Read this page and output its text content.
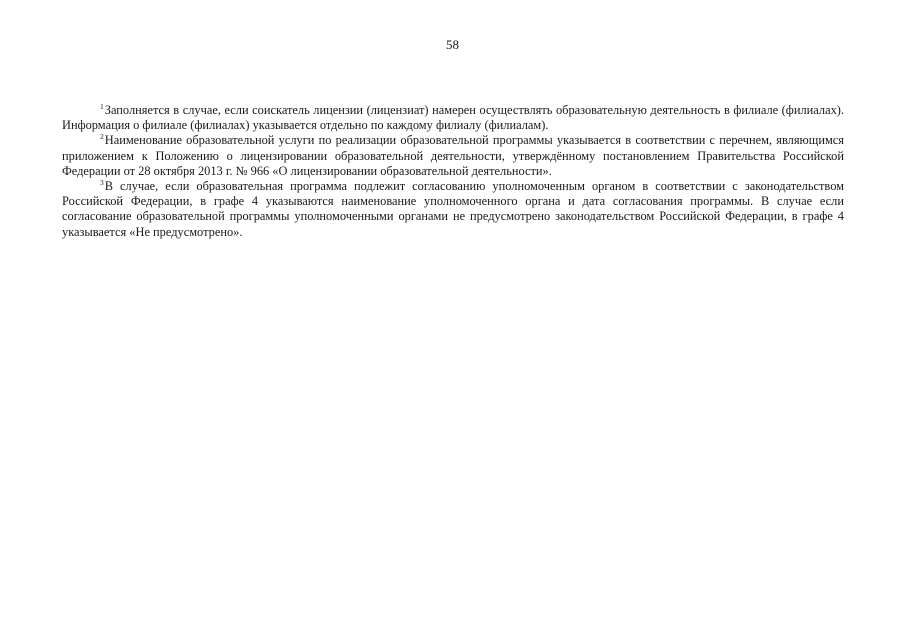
58

$^1$Заполняется в случае, если соискатель лицензии (лицензиат) намерен осуществлять образовательную деятельность в филиале (филиалах). Информация о филиале (филиалах) указывается отдельно по каждому филиалу (филиалам).

$^2$Наименование образовательной услуги по реализации образовательной программы указывается в соответствии с перечнем, являющимся приложением к Положению о лицензировании образовательной деятельности, утверждённому постановлением Правительства Российской Федерации от 28 октября 2013 г. № 966 «О лицензировании образовательной деятельности».

$^3$В случае, если образовательная программа подлежит согласованию уполномоченным органом в соответствии с законодательством Российской Федерации, в графе 4 указываются наименование уполномоченного органа и дата согласования программы. В случае если согласование образовательной программы уполномоченными органами не предусмотрено законодательством Российской Федерации, в графе 4 указывается «Не предусмотрено».
